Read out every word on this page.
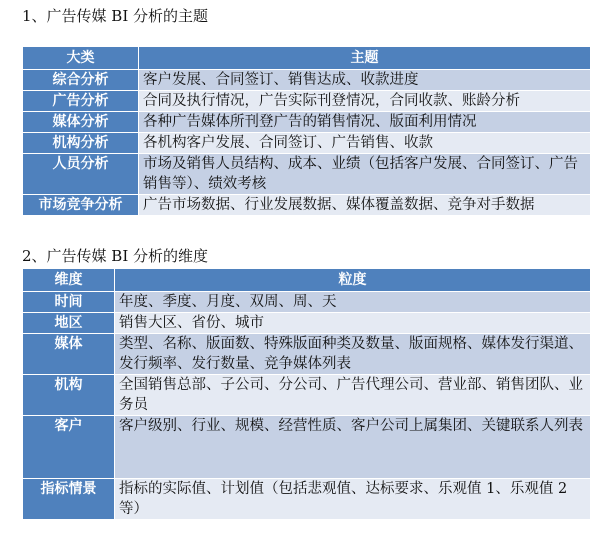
1、广告传媒 BI 分析的主题
大类	主题
综合分析	客户发展、合同签订、销售达成、收款进度
广告分析	合同及执行情况，广告实际刊登情况，合同收款、账龄分析
媒体分析	各种广告媒体所刊登广告的销售情况、版面利用情况
机构分析	各机构客户发展、合同签订、广告销售、收款
人员分析	市场及销售人员结构、成本、业绩（包括客户发展、合同签订、广告销售等）、绩效考核
市场竞争分析	广告市场数据、行业发展数据、媒体覆盖数据、竞争对手数据
2、广告传媒 BI 分析的维度
维度	粒度
时间	年度、季度、月度、双周、周、天
地区	销售大区、省份、城市
媒体	类型、名称、版面数、特殊版面种类及数量、版面规格、媒体发行渠道、发行频率、发行数量、竞争媒体列表
机构	全国销售总部、子公司、分公司、广告代理公司、营业部、销售团队、业务员
客户	客户级别、行业、规模、经营性质、客户公司上属集团、关键联系人列表
指标情景	指标的实际值、计划值（包括悲观值、达标要求、乐观值 1、乐观值 2 等）
